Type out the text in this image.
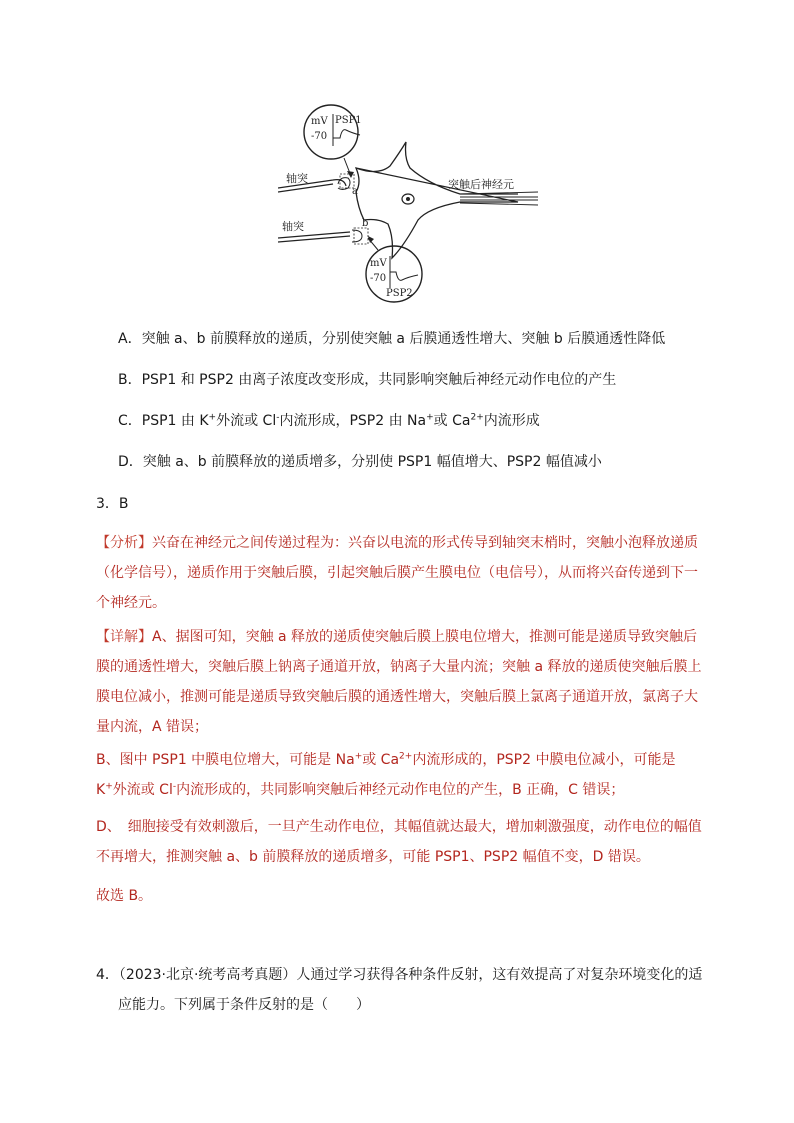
mV
-70
PSP1
轴突
a
突触后神经元
轴突	b
mV
-70
PSP2
A．突触 a、b 前膜释放的递质，分别使突触 a 后膜通透性增大、突触 b 后膜通透性降低
B．PSP1 和 PSP2 由离子浓度改变形成，共同影响突触后神经元动作电位的产生
C．PSP1 由 K+外流或 Cl-内流形成，PSP2 由 Na+或 $Ca^{2+}$内流形成
D．突触 a、b 前膜释放的递质增多，分别使 PSP1 幅值增大、PSP2 幅值减小
3．B
【分析】兴奋在神经元之间传递过程为：兴奋以电流的形式传导到轴突末梢时，突触小泡释放递质（化学信号），递质作用于突触后膜，引起突触后膜产生膜电位（电信号），从而将兴奋传递到下一个神经元。
【详解】A、据图可知，突触 a 释放的递质使突触后膜上膜电位增大，推测可能是递质导致突触后膜的通透性增大，突触后膜上钠离子通道开放，钠离子大量内流；突触 a 释放的递质使突触后膜上膜电位减小，推测可能是递质导致突触后膜的通透性增大，突触后膜上氯离子通道开放，氯离子大量内流，A 错误；
B、图中 PSP1 中膜电位增大，可能是 Na+或 $Ca^{2+}$内流形成的，PSP2 中膜电位减小，可能是 K+外流或 Cl-内流形成的，共同影响突触后神经元动作电位的产生，B 正确，C 错误；
D、　细胞接受有效刺激后，一旦产生动作电位，其幅值就达最大，增加刺激强度，动作电位的幅值不再增大，推测突触 a、b 前膜释放的递质增多，可能 PSP1、PSP2 幅值不变，D 错误。
故选 B。
4．（2023·北京·统考高考真题）人通过学习获得各种条件反射，这有效提高了对复杂环境变化的适
应能力。下列属于条件反射的是（　　）
